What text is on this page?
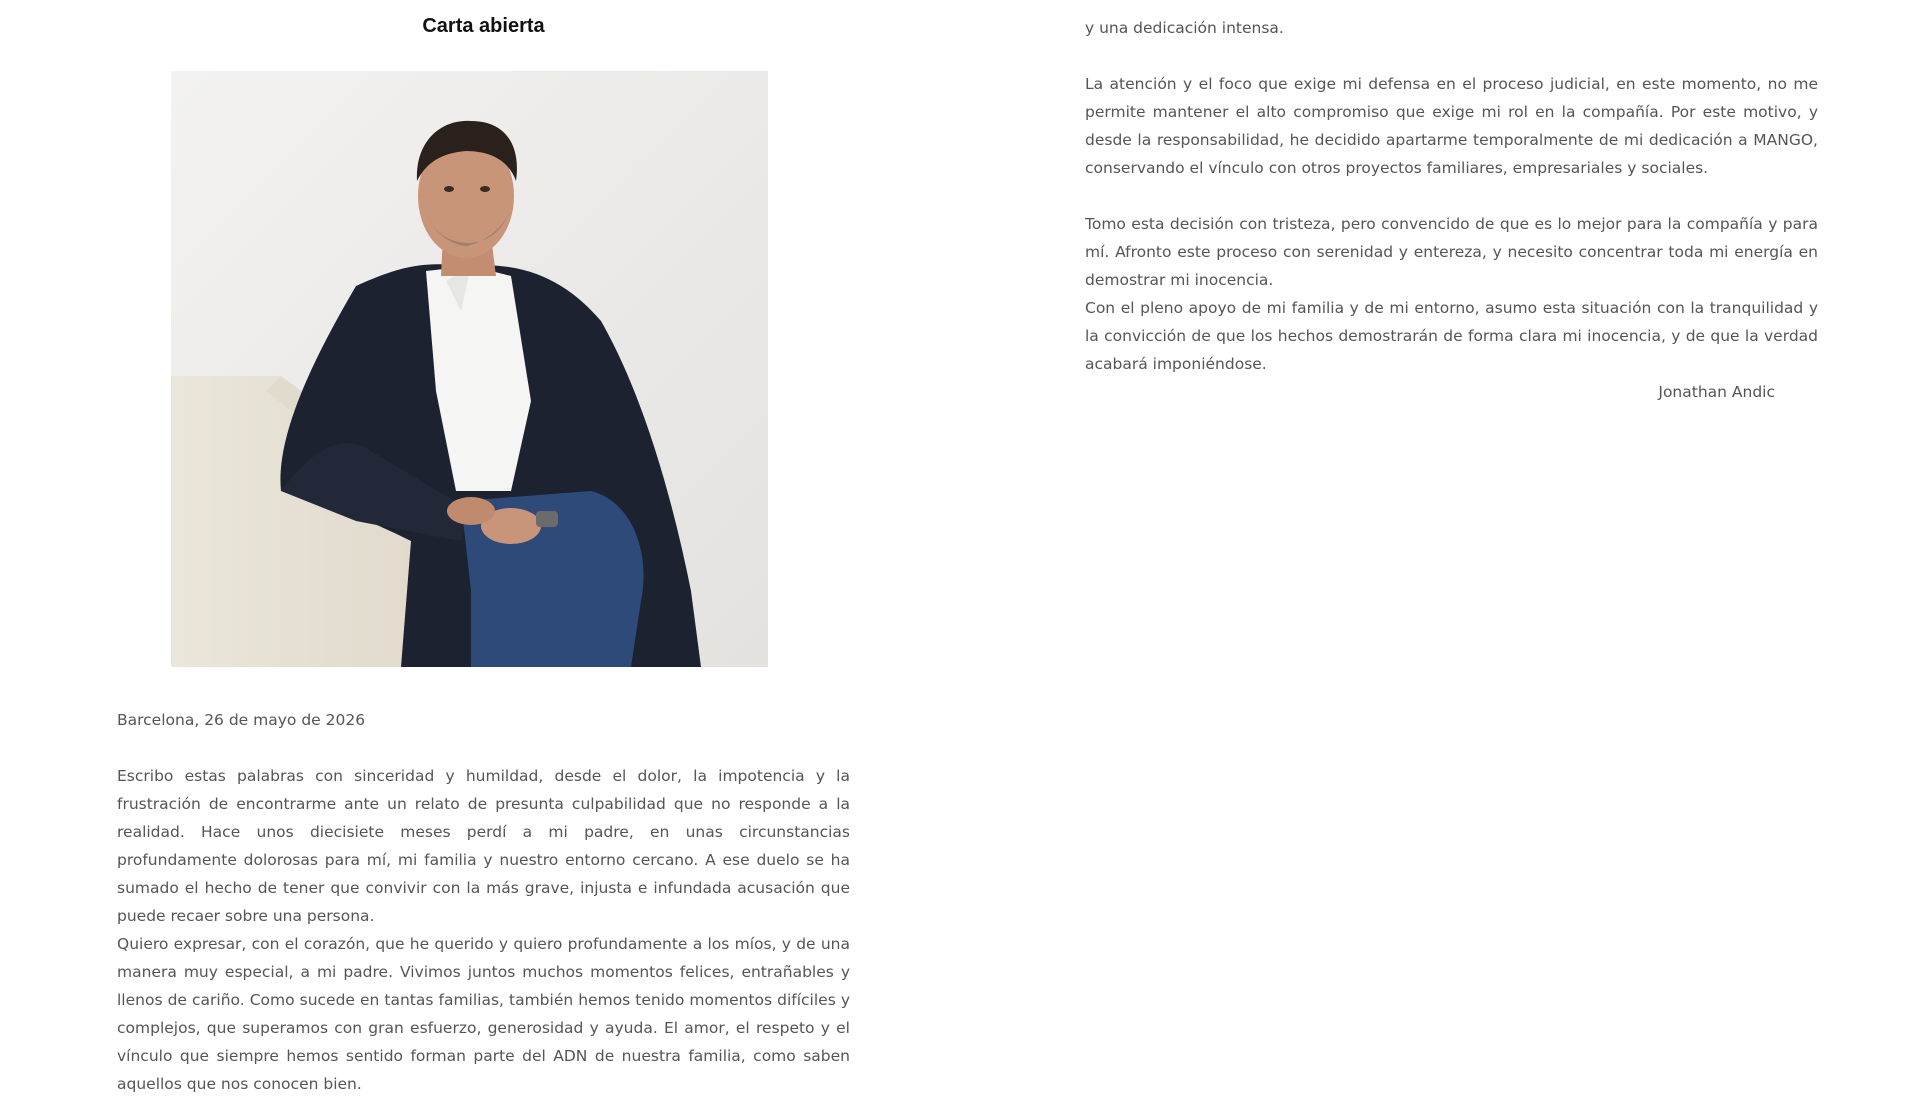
Carta abierta

Barcelona, 26 de mayo de 2026

Escribo estas palabras con sinceridad y humildad, desde el dolor, la impotencia y la frustración de encontrarme ante un relato de presunta culpabilidad que no responde a la realidad. Hace unos diecisiete meses perdí a mi padre, en unas circunstancias profundamente dolorosas para mí, mi familia y nuestro entorno cercano. A ese duelo se ha sumado el hecho de tener que convivir con la más grave, injusta e infundada acusación que puede recaer sobre una persona.

Quiero expresar, con el corazón, que he querido y quiero profundamente a los míos, y de una manera muy especial, a mi padre. Vivimos juntos muchos momentos felices, entrañables y llenos de cariño. Como sucede en tantas familias, también hemos tenido momentos difíciles y complejos, que superamos con gran esfuerzo, generosidad y ayuda. El amor, el respeto y el vínculo que siempre hemos sentido forman parte del ADN de nuestra familia, como saben aquellos que nos conocen bien.

y una dedicación intensa.

La atención y el foco que exige mi defensa en el proceso judicial, en este momento, no me permite mantener el alto compromiso que exige mi rol en la compañía. Por este motivo, y desde la responsabilidad, he decidido apartarme temporalmente de mi dedicación a MANGO, conservando el vínculo con otros proyectos familiares, empresariales y sociales.

Tomo esta decisión con tristeza, pero convencido de que es lo mejor para la compañía y para mí. Afronto este proceso con serenidad y entereza, y necesito concentrar toda mi energía en demostrar mi inocencia.

Con el pleno apoyo de mi familia y de mi entorno, asumo esta situación con la tranquilidad y la convicción de que los hechos demostrarán de forma clara mi inocencia, y de que la verdad acabará imponiéndose.

Jonathan Andic
